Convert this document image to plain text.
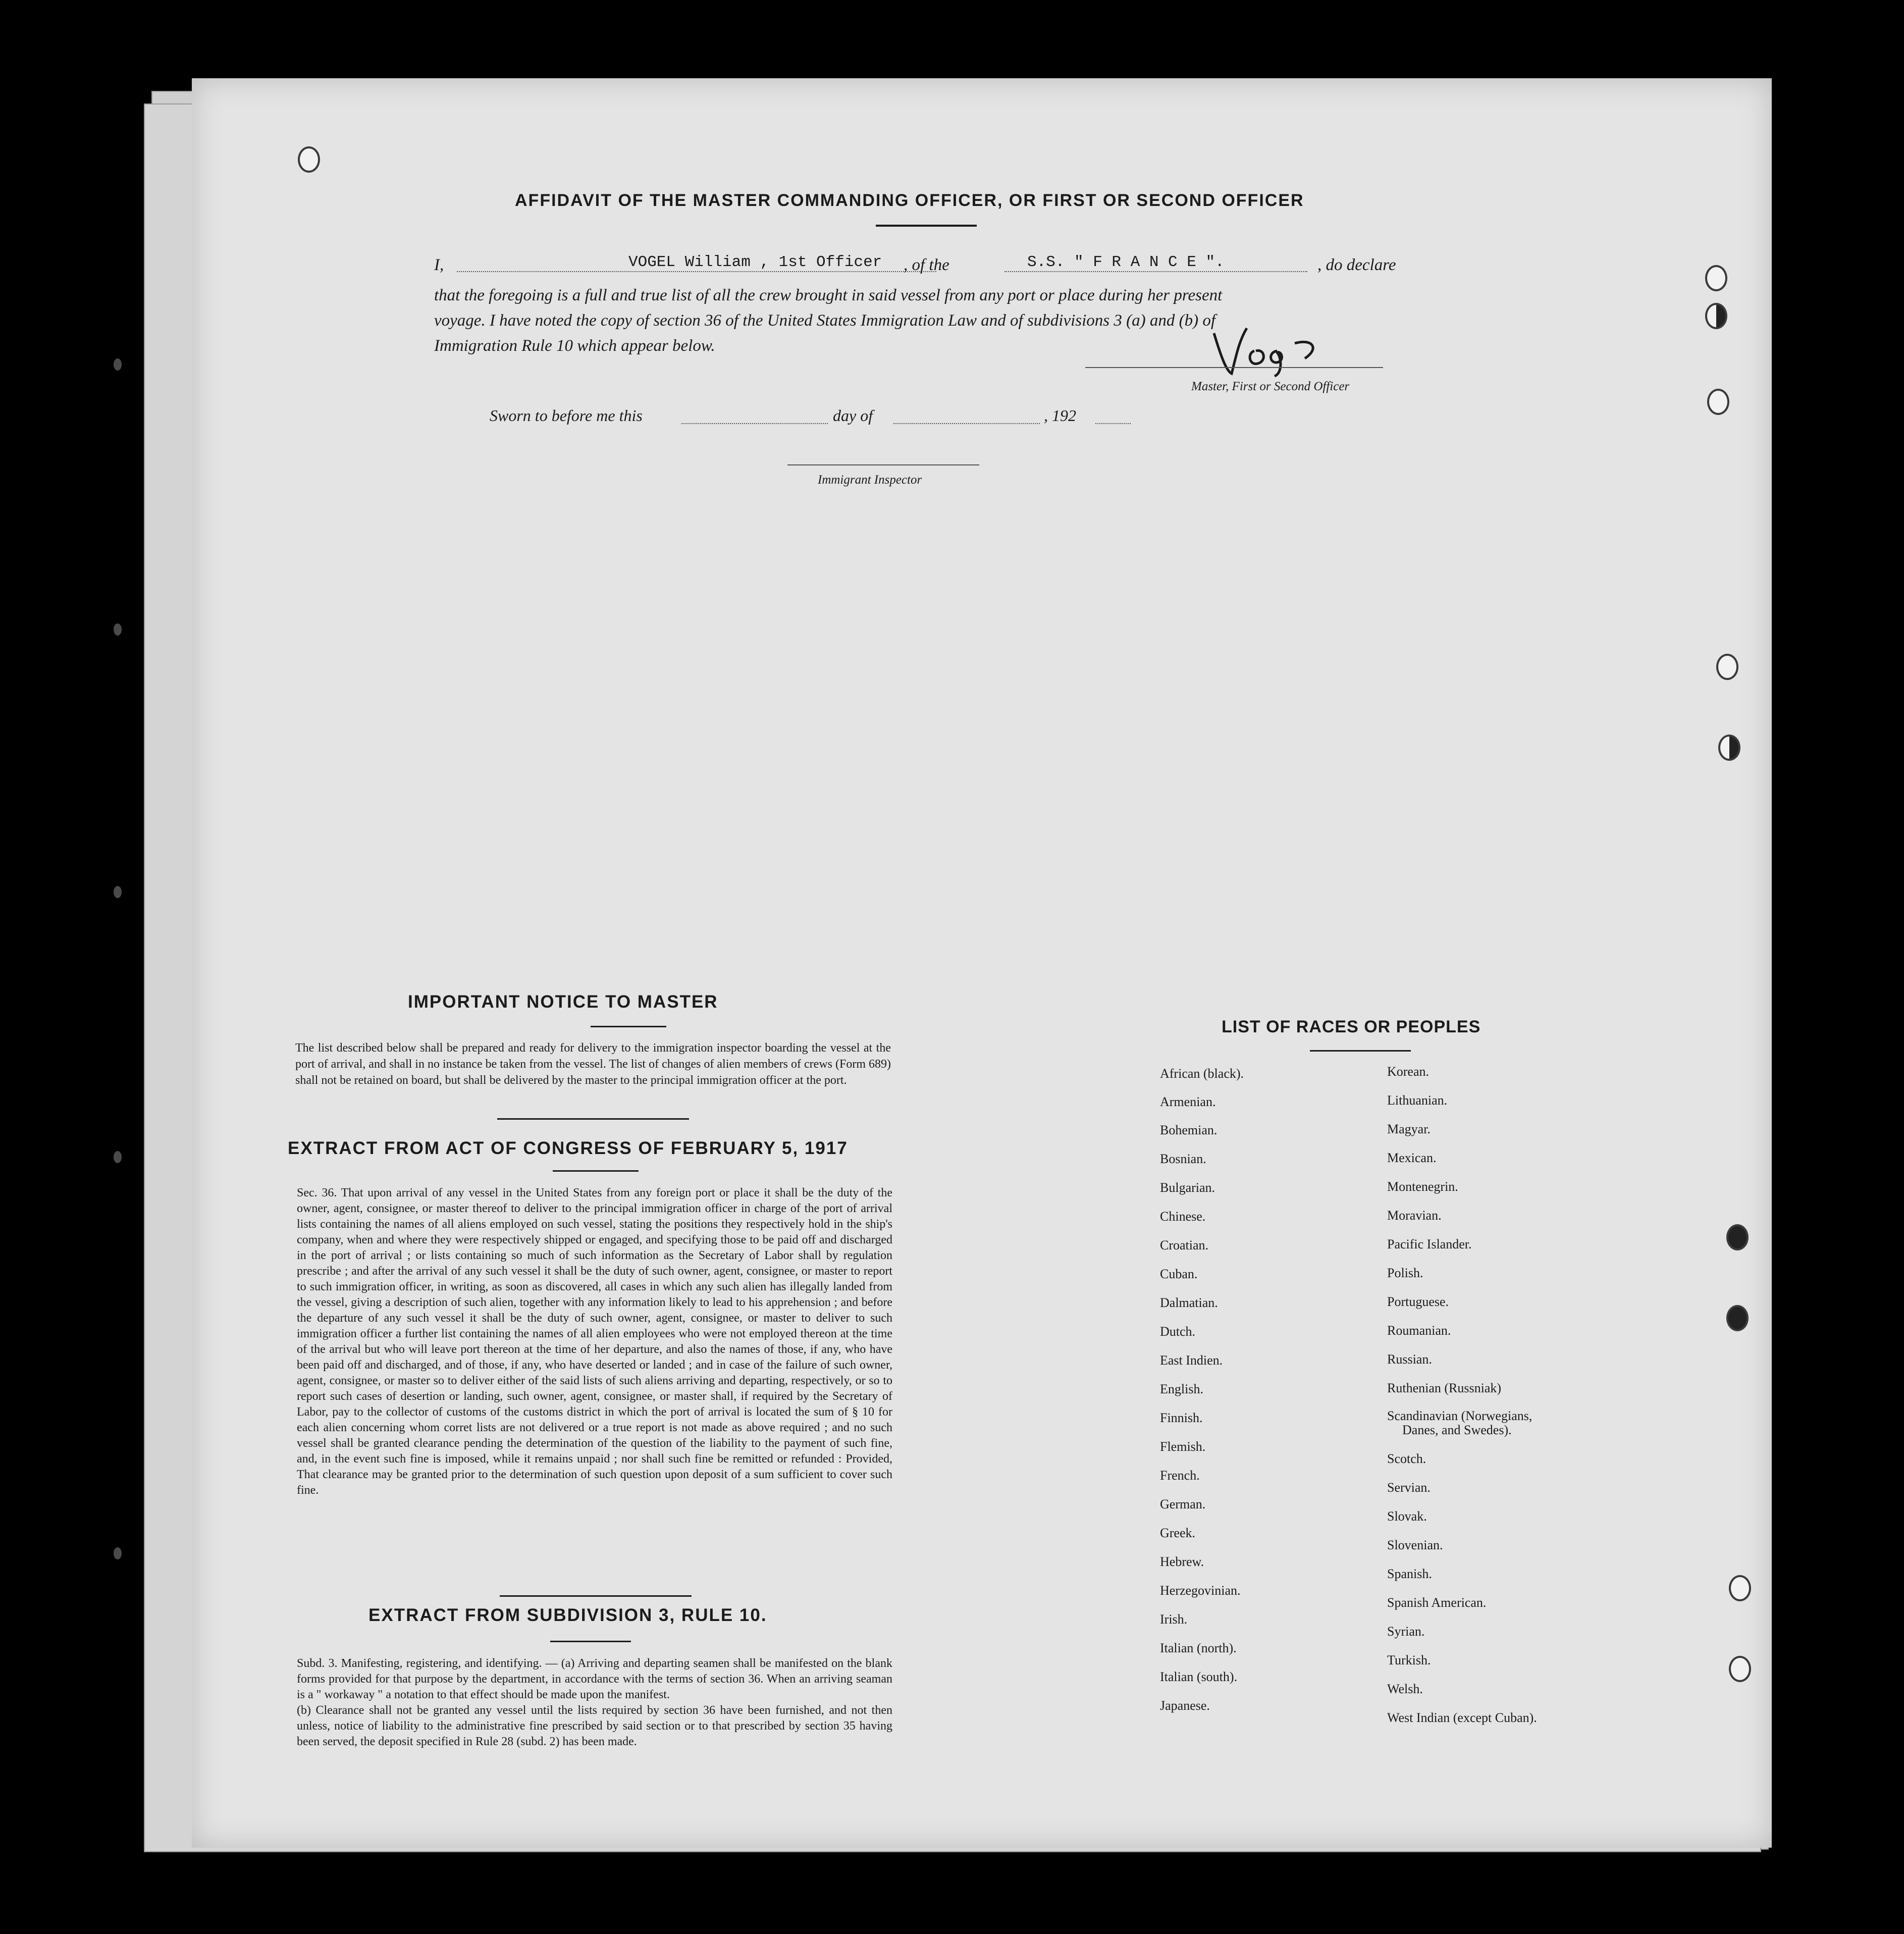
AFFIDAVIT OF THE MASTER COMMANDING OFFICER, OR FIRST OR SECOND OFFICER
I,	VOGEL William , 1st Officer , of the	S.S. " F R A N C E ".	, do declare
that the foregoing is a full and true list of all the crew brought in said vessel from any port or place during her present
voyage. I have noted the copy of section 36 of the United States Immigration Law and of subdivisions 3 (a) and (b) of
Immigration Rule 10 which appear below.
Master, First or Second Officer
Sworn to before me this	day of	, 192
Immigrant Inspector
IMPORTANT NOTICE TO MASTER
The list described below shall be prepared and ready for delivery to the immigration inspector boarding the vessel at the port of arrival, and shall in no instance be taken from the vessel. The list of changes of alien members of crews (Form 689) shall not be retained on board, but shall be delivered by the master to the principal immigration officer at the port.
EXTRACT FROM ACT OF CONGRESS OF FEBRUARY 5, 1917
Sec. 36. That upon arrival of any vessel in the United States from any foreign port or place it shall be the duty of the owner, agent, consignee, or master thereof to deliver to the principal immigration officer in charge of the port of arrival lists containing the names of all aliens employed on such vessel, stating the positions they respectively hold in the ship's company, when and where they were respectively shipped or engaged, and specifying those to be paid off and discharged in the port of arrival ; or lists containing so much of such information as the Secretary of Labor shall by regulation prescribe ; and after the arrival of any such vessel it shall be the duty of such owner, agent, consignee, or master to report to such immigration officer, in writing, as soon as discovered, all cases in which any such alien has illegally landed from the vessel, giving a description of such alien, together with any information likely to lead to his apprehension ; and before the departure of any such vessel it shall be the duty of such owner, agent, consignee, or master to deliver to such immigration officer a further list containing the names of all alien employees who were not employed thereon at the time of the arrival but who will leave port thereon at the time of her departure, and also the names of those, if any, who have been paid off and discharged, and of those, if any, who have deserted or landed ; and in case of the failure of such owner, agent, consignee, or master so to deliver either of the said lists of such aliens arriving and departing, respectively, or so to report such cases of desertion or landing, such owner, agent, consignee, or master shall, if required by the Secretary of Labor, pay to the collector of customs of the customs district in which the port of arrival is located the sum of § 10 for each alien concerning whom corret lists are not delivered or a true report is not made as above required ; and no such vessel shall be granted clearance pending the determination of the question of the liability to the payment of such fine, and, in the event such fine is imposed, while it remains unpaid ; nor shall such fine be remitted or refunded : Provided, That clearance may be granted prior to the determination of such question upon deposit of a sum sufficient to cover such fine.
EXTRACT FROM SUBDIVISION 3, RULE 10.
Subd. 3. Manifesting, registering, and identifying. — (a) Arriving and departing seamen shall be manifested on the blank forms provided for that purpose by the department, in accordance with the terms of section 36. When an arriving seaman is a " workaway " a notation to that effect should be made upon the manifest.
(b) Clearance shall not be granted any vessel until the lists required by section 36 have been furnished, and not then unless, notice of liability to the administrative fine prescribed by said section or to that prescribed by section 35 having been served, the deposit specified in Rule 28 (subd. 2) has been made.
LIST OF RACES OR PEOPLES
African (black).
Armenian.
Bohemian.
Bosnian.
Bulgarian.
Chinese.
Croatian.
Cuban.
Dalmatian.
Dutch.
East Indien.
English.
Finnish.
Flemish.
French.
German.
Greek.
Hebrew.
Herzegovinian.
Irish.
Italian (north).
Italian (south).
Japanese.
Korean.
Lithuanian.
Magyar.
Mexican.
Montenegrin.
Moravian.
Pacific Islander.
Polish.
Portuguese.
Roumanian.
Russian.
Ruthenian (Russniak)
Scandinavian (Norwegians,
Danes, and Swedes).
Scotch.
Servian.
Slovak.
Slovenian.
Spanish.
Spanish American.
Syrian.
Turkish.
Welsh.
West Indian (except Cuban).
